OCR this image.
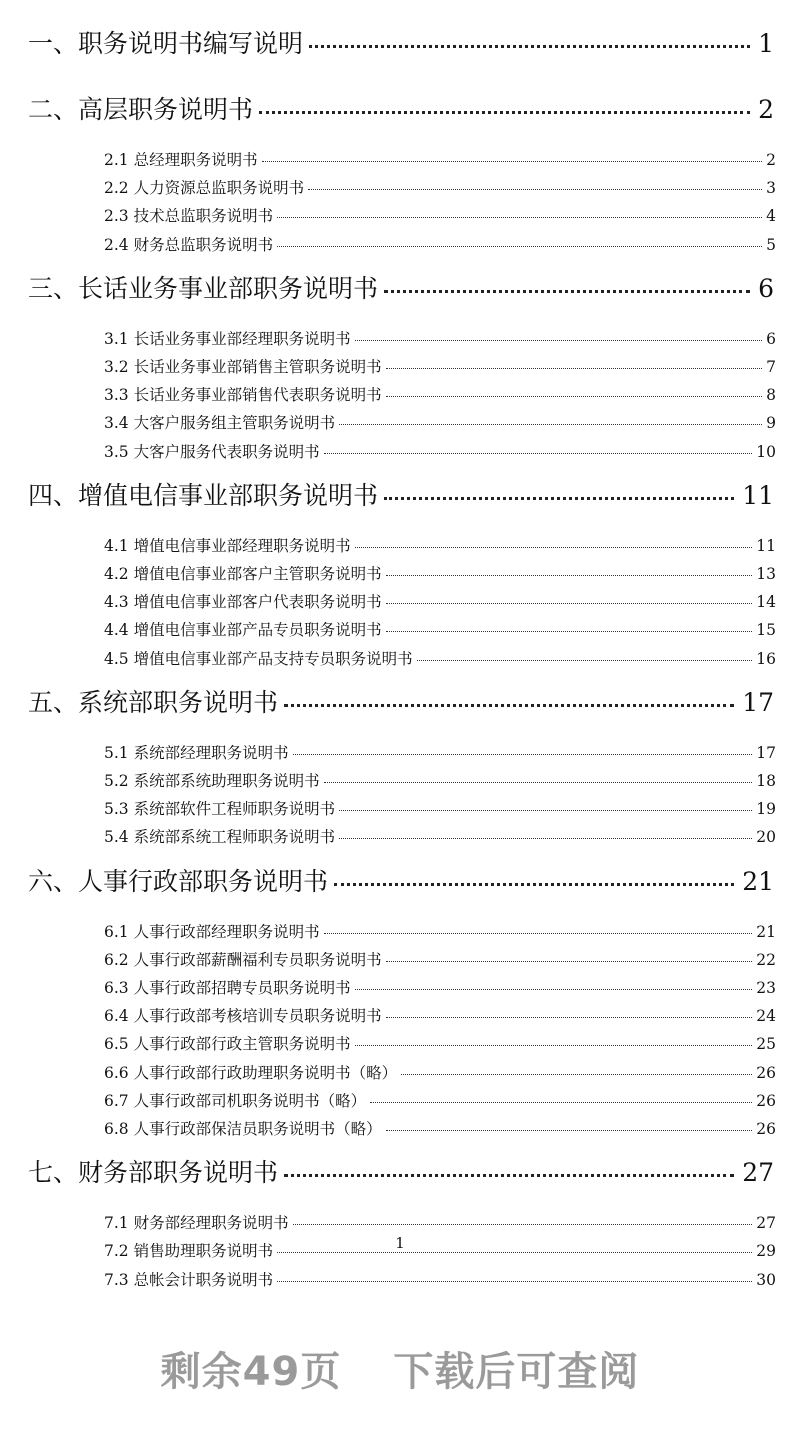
一、职务说明书编写说明	1
二、高层职务说明书	2
2.1 总经理职务说明书	2
2.2 人力资源总监职务说明书	3
2.3 技术总监职务说明书	4
2.4 财务总监职务说明书	5
三、长话业务事业部职务说明书	6
3.1 长话业务事业部经理职务说明书	6
3.2 长话业务事业部销售主管职务说明书	7
3.3 长话业务事业部销售代表职务说明书	8
3.4 大客户服务组主管职务说明书	9
3.5 大客户服务代表职务说明书	10
四、增值电信事业部职务说明书	11
4.1 增值电信事业部经理职务说明书	11
4.2 增值电信事业部客户主管职务说明书	13
4.3 增值电信事业部客户代表职务说明书	14
4.4 增值电信事业部产品专员职务说明书	15
4.5 增值电信事业部产品支持专员职务说明书	16
五、系统部职务说明书	17
5.1 系统部经理职务说明书	17
5.2 系统部系统助理职务说明书	18
5.3 系统部软件工程师职务说明书	19
5.4 系统部系统工程师职务说明书	20
六、人事行政部职务说明书	21
6.1 人事行政部经理职务说明书	21
6.2 人事行政部薪酬福利专员职务说明书	22
6.3 人事行政部招聘专员职务说明书	23
6.4 人事行政部考核培训专员职务说明书	24
6.5 人事行政部行政主管职务说明书	25
6.6 人事行政部行政助理职务说明书（略）	26
6.7 人事行政部司机职务说明书（略）	26
6.8 人事行政部保洁员职务说明书（略）	26
七、财务部职务说明书	27
7.1 财务部经理职务说明书	27
7.2 销售助理职务说明书	29
7.3 总帐会计职务说明书	30
1
剩余49页 下载后可查阅
